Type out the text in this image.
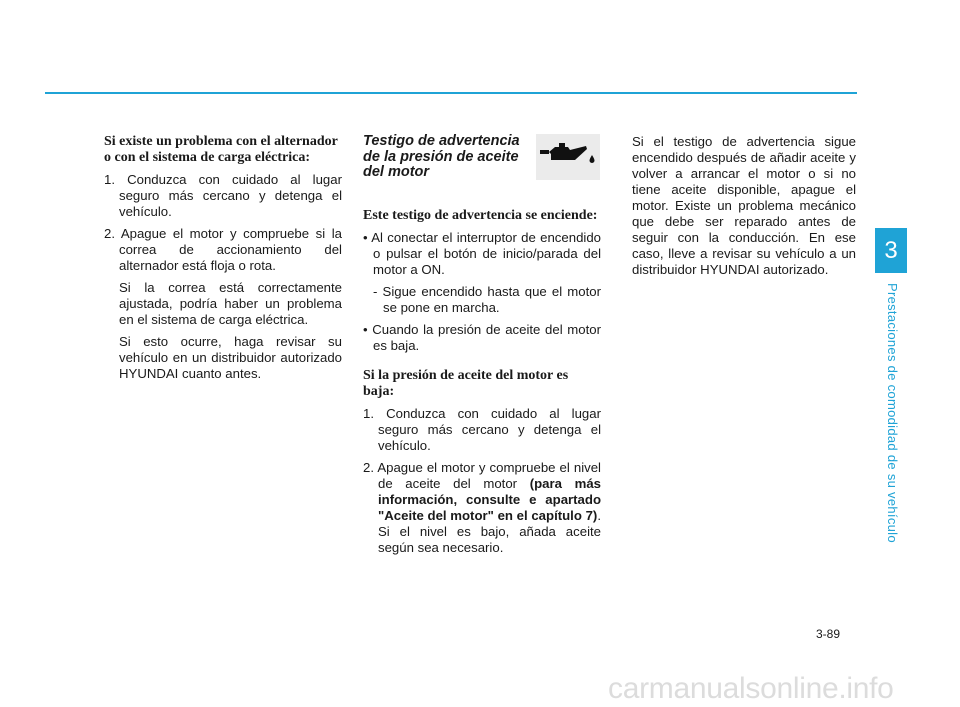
Si existe un problema con el alternador o con el sistema de carga eléctrica:
1. Conduzca con cuidado al lugar seguro más cercano y detenga el vehículo.
2. Apague el motor y compruebe si la correa de accionamiento del alternador está floja o rota.
Si la correa está correctamente ajustada, podría haber un problema en el sistema de carga eléctrica.
Si esto ocurre, haga revisar su vehículo en un distribuidor autorizado HYUNDAI cuanto antes.
Testigo de advertencia de la presión de aceite del motor
Este testigo de advertencia se enciende:
• Al conectar el interruptor de encendido o pulsar el botón de inicio/parada del motor a ON.
- Sigue encendido hasta que el motor se pone en marcha.
• Cuando la presión de aceite del motor es baja.
Si la presión de aceite del motor es baja:
1. Conduzca con cuidado al lugar seguro más cercano y detenga el vehículo.
2. Apague el motor y compruebe el nivel de aceite del motor (para más información, consulte e apartado "Aceite del motor" en el capítulo 7). Si el nivel es bajo, añada aceite según sea necesario.
Si el testigo de advertencia sigue encendido después de añadir aceite y volver a arrancar el motor o si no tiene aceite disponible, apague el motor. Existe un problema mecánico que debe ser reparado antes de seguir con la conducción. En ese caso, lleve a revisar su vehículo a un distribuidor HYUNDAI autorizado.
3
Prestaciones de comodidad de su vehículo
3-89
carmanualsonline.info
